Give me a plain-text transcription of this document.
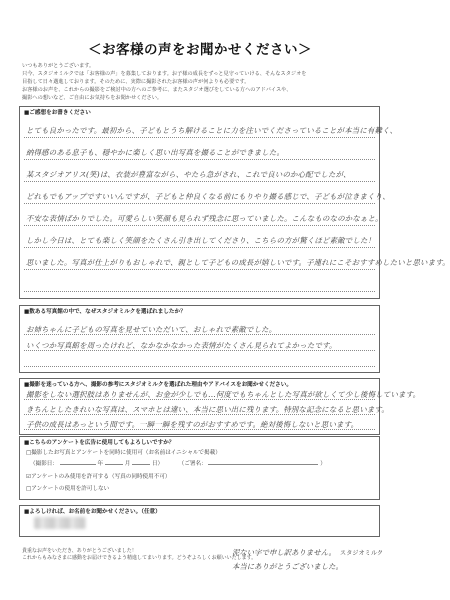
＜お客様の声をお聞かせください＞
いつもありがとうございます。
只今、スタジオミルクでは「お客様の声」を募集しております。お子様の成長をずっと見守っていける、そんなスタジオを
目指して日々邁進しております。そのために、実際に撮影されたお客様の声が何よりも必要です。
お客様のお声を、これからの撮影をご検討中の方へのご参考に、またスタジオ選びをしている方へのアドバイスや、
撮影への想いなど、ご自由にお気持ちをお聞かせください。
■ご感想をお書きください
とても良かったです。最初から、子どもとうち解けることに力を注いでくださっていることが本当に有難く、
納得感のある息子も、穏やかに楽しく思い出写真を撮ることができました。
某スタジオアリス(笑)は、衣装が豊富ながら、やたら急がされ、これで良いのか心配でしたが、
どれもでもアップですいいんですが、子どもと仲良くなる前にもりやり撮る感じで、子どもが泣きまくり、
不安な表情ばかりでした。可愛らしい笑顔も見られず残念に思っていました。こんなものなのかなぁと。
しかし今日は、とても楽しく笑顔をたくさん引き出してくださり、こちらの方が驚くほど素敵でした！
思いました。写真が仕上がりもおしゃれで、親として子どもの成長が嬉しいです。子連れにこそおすすめしたいと思います。
■数ある写真館の中で、なぜスタジオミルクを選ばれましたか？
お姉ちゃんに子どもの写真を見せていただいて、おしゃれで素敵でした。
いくつか写真館を周ったけれど、なかなかなかった表情がたくさん見られてよかったです。
■撮影を迷っている方へ、撮影の参考にスタジオミルクを選ばれた理由やアドバイスをお聞かせください。
撮影をしない選択肢はありませんが、お金が少しでも...何度でもちゃんとした写真が欲しくて少し後悔しています。
きちんとしたきれいな写真は、スマホとは違い、本当に思い出に残ります。特別な記念になると思います。
子供の成長はあっという間です。一瞬一瞬を残すのがおすすめです。絶対後悔しないと思います。
■こちらのアンケートを広告に使用してもよろしいですか？
□撮影したお写真とアンケートを同時に使用可（お名前はイニシャルで掲載）
（撮影日：	年	月	日）	（ご署名：	）
☑アンケートのみ使用を許可する（写真の同時使用不可）
□アンケートの使用を許可しない
■よろしければ、お名前をお聞かせください。（任意）
貴重なお声をいただき、ありがとうございました！
これからもみなさまに感動をお届けできるよう精進してまいります。どうぞよろしくお願いいたします。
泥ない字で申し訳ありません。 スタジオミルク
本当にありがとうございました。
